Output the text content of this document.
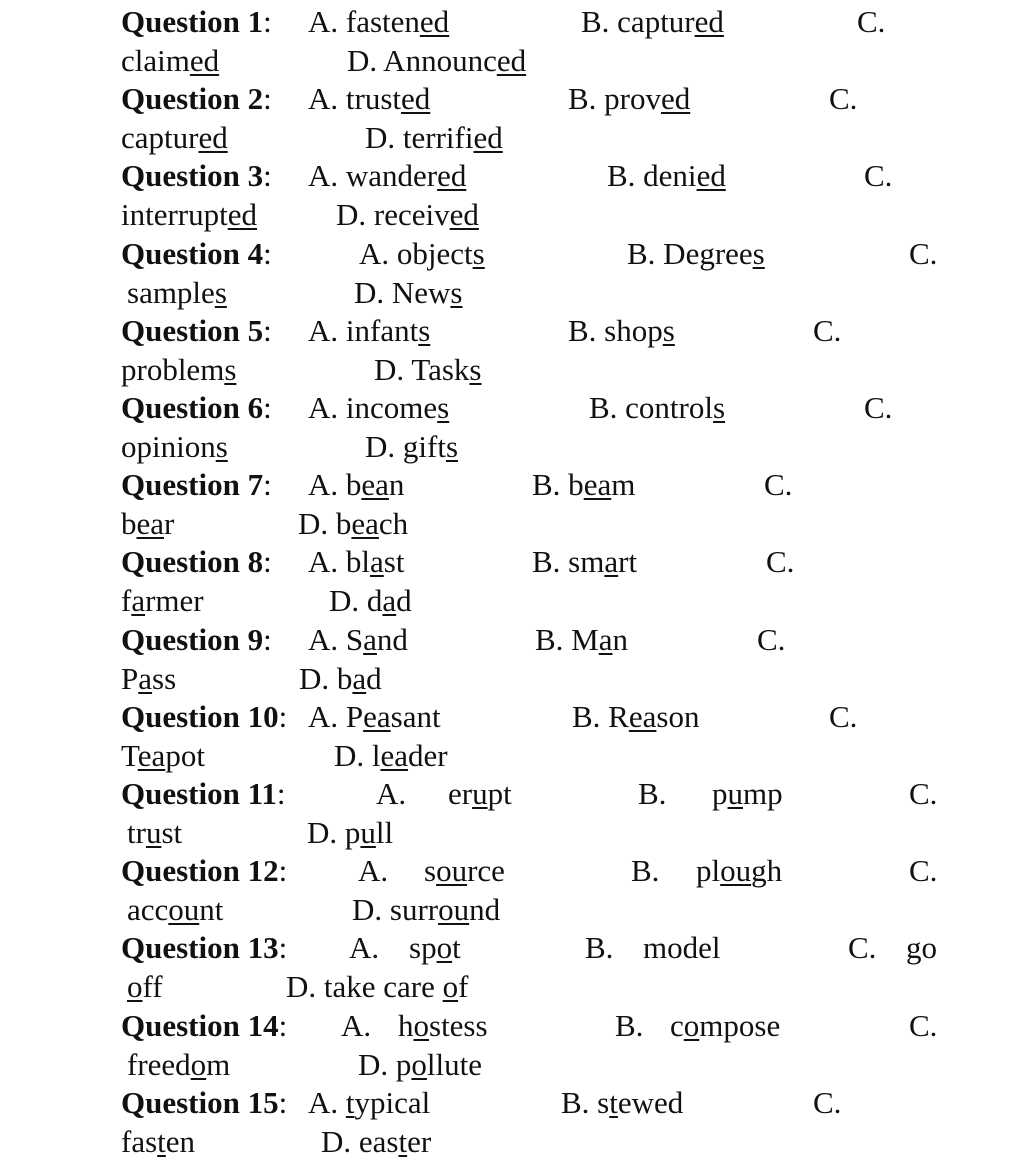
Question 1: A. fastened	B. captured	C.
claimed	D. Announced
Question 2: A. trusted	B. proved	C.
captured	D. terrified
Question 3: A. wandered	B. denied	C.
interrupted	D. received
Question 4:	A. objects	B. Degrees	C.
samples	D. News
Question 5: A. infants	B. shops	C.
problems	D. Tasks
Question 6: A. incomes	B. controls	C.
opinions	D. gifts
Question 7: A. bean	B. beam	C.
bear	D. beach
Question 8: A. blast	B. smart	C.
farmer	D. dad
Question 9: A. Sand	B. Man	C.
Pass	D. bad
Question 10: A. Peasant	B. Reason	C.
Teapot	D. leader
Question 11:	A. erupt	B. pump	C.
trust	D. pull
Question 12: A. source	B. plough	C.
account	D. surround
Question 13: A. spot	B. model	C. go
off	D. take care of
Question 14: A. hostess	B. compose	C.
freedom	D. pollute
Question 15: A. typical	B. stewed	C.
fasten	D. easter
